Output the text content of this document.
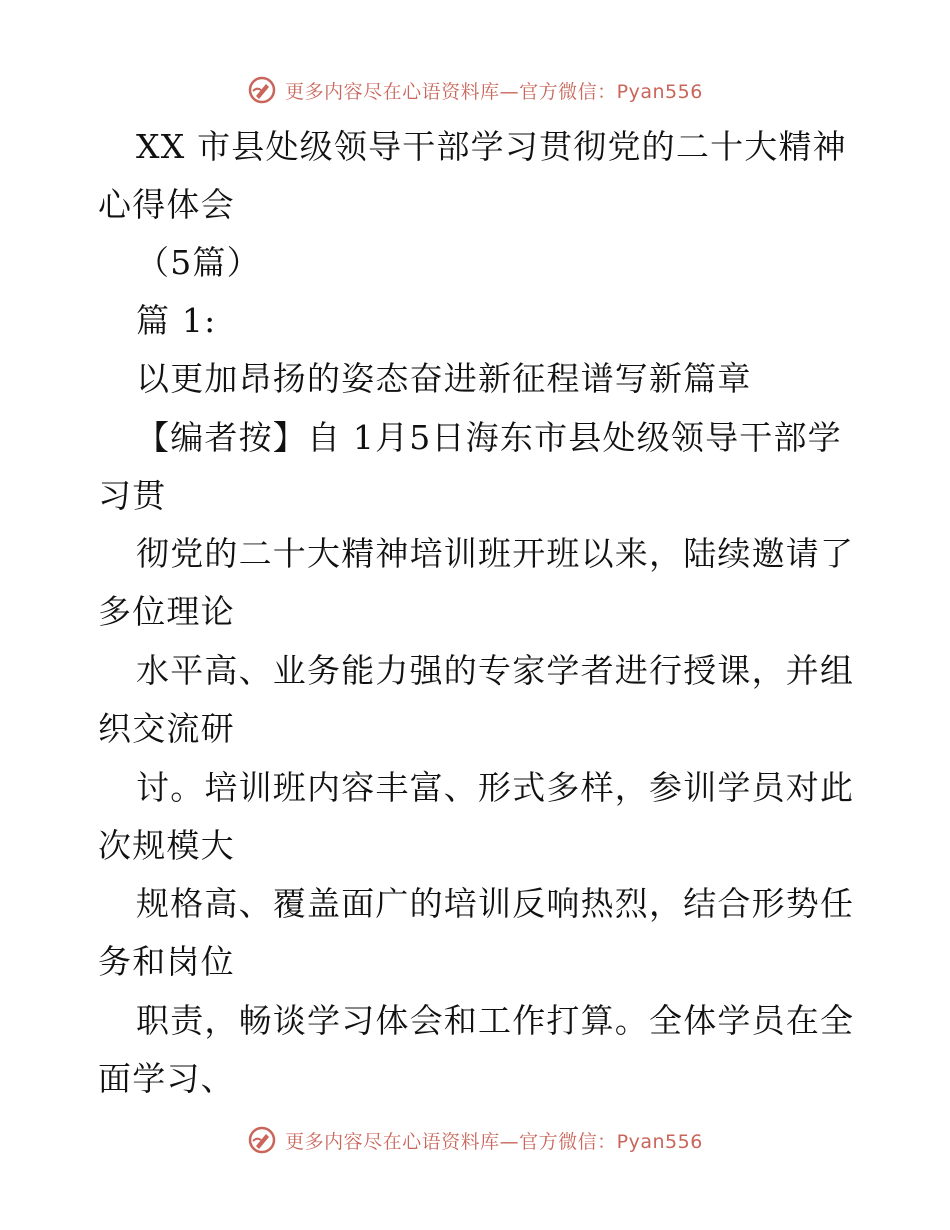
更多内容尽在心语资料库—官方微信：Pyan556
XX 市县处级领导干部学习贯彻党的二十大精神
心得体会
（5篇）
篇 1:
以更加昂扬的姿态奋进新征程谱写新篇章
【编者按】自 1月5日海东市县处级领导干部学
习贯
彻党的二十大精神培训班开班以来，陆续邀请了
多位理论
水平高、业务能力强的专家学者进行授课，并组
织交流研
讨。培训班内容丰富、形式多样，参训学员对此
次规模大
规格高、覆盖面广的培训反响热烈，结合形势任
务和岗位
职责，畅谈学习体会和工作打算。全体学员在全
面学习、
更多内容尽在心语资料库—官方微信：Pyan556
